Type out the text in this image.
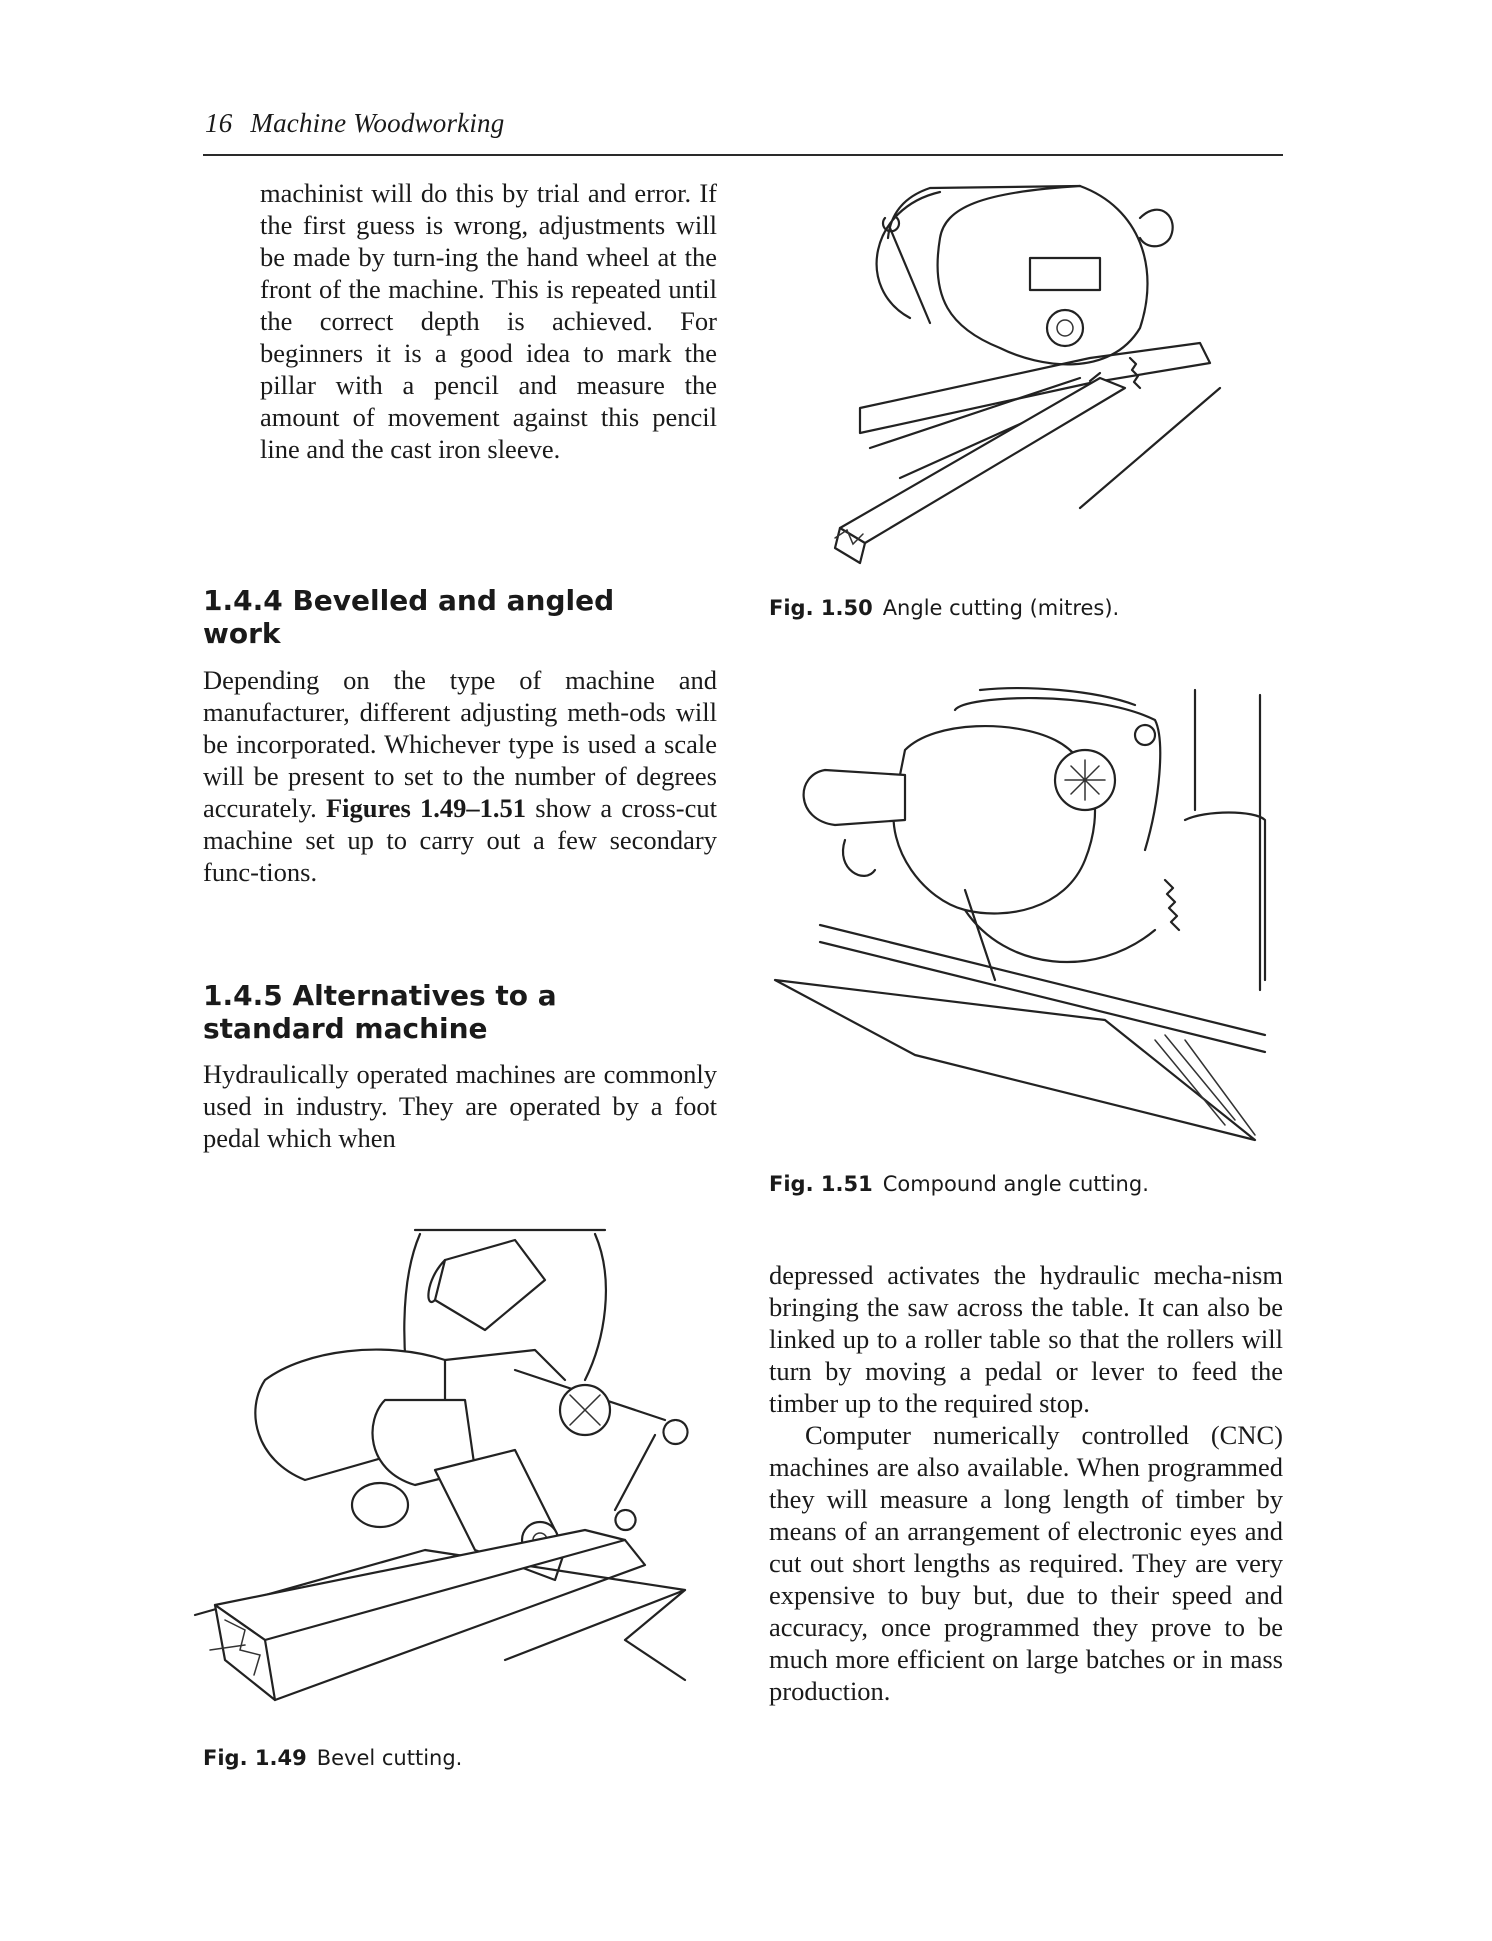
16 Machine Woodworking

machinist will do this by trial and error. If the first guess is wrong, adjustments will be made by turn-ing the hand wheel at the front of the machine. This is repeated until the correct depth is achieved. For beginners it is a good idea to mark the pillar with a pencil and measure the amount of movement against this pencil line and the cast iron sleeve.

1.4.4 Bevelled and angled work

Depending on the type of machine and manufacturer, different adjusting meth-ods will be incorporated. Whichever type is used a scale will be present to set to the number of degrees accurately. Figures 1.49–1.51 show a cross-cut machine set up to carry out a few secondary func-tions.

1.4.5 Alternatives to a standard machine

Hydraulically operated machines are commonly used in industry. They are operated by a foot pedal which when

Fig. 1.50 Angle cutting (mitres).
Fig. 1.51 Compound angle cutting.
Fig. 1.49 Bevel cutting.

depressed activates the hydraulic mecha-nism bringing the saw across the table. It can also be linked up to a roller table so that the rollers will turn by moving a pedal or lever to feed the timber up to the required stop.

Computer numerically controlled (CNC) machines are also available. When programmed they will measure a long length of timber by means of an arrangement of electronic eyes and cut out short lengths as required. They are very expensive to buy but, due to their speed and accuracy, once programmed they prove to be much more efficient on large batches or in mass production.
